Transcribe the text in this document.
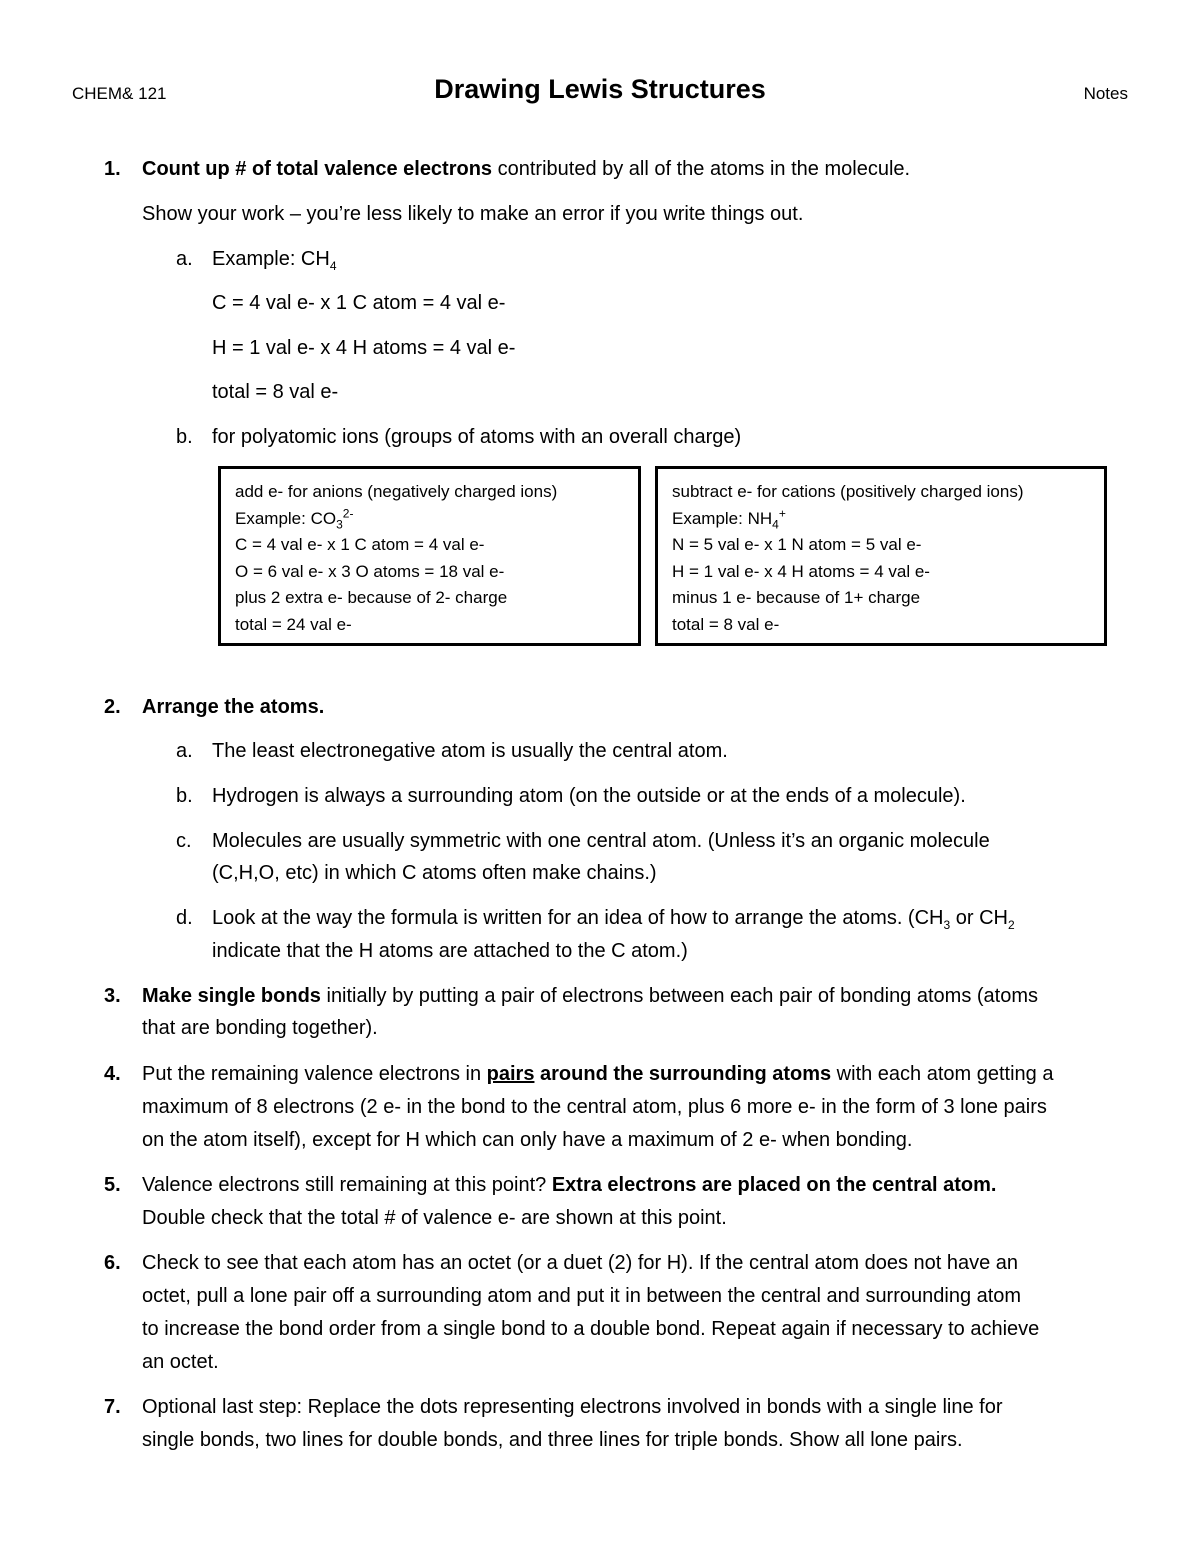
CHEM& 121	Drawing Lewis Structures	Notes
1. Count up # of total valence electrons contributed by all of the atoms in the molecule.
Show your work – you’re less likely to make an error if you write things out.
a. Example: $CH_4$
C = 4 val e- x 1 C atom = 4 val e-
H = 1 val e- x 4 H atoms = 4 val e-
total = 8 val e-
b. for polyatomic ions (groups of atoms with an overall charge)
add e- for anions (negatively charged ions)
Example: $CO_3^{2-}$
C = 4 val e- x 1 C atom = 4 val e-
O = 6 val e- x 3 O atoms = 18 val e-
plus 2 extra e- because of 2- charge
total = 24 val e-
subtract e- for cations (positively charged ions)
Example: $NH_4^+$
N = 5 val e- x 1 N atom = 5 val e-
H = 1 val e- x 4 H atoms = 4 val e-
minus 1 e- because of 1+ charge
total = 8 val e-
2. Arrange the atoms.
a. The least electronegative atom is usually the central atom.
b. Hydrogen is always a surrounding atom (on the outside or at the ends of a molecule).
c. Molecules are usually symmetric with one central atom. (Unless it’s an organic molecule
(C,H,O, etc) in which C atoms often make chains.)
d. Look at the way the formula is written for an idea of how to arrange the atoms. ($CH_3$ or $CH_2$
indicate that the H atoms are attached to the C atom.)
3. Make single bonds initially by putting a pair of electrons between each pair of bonding atoms (atoms
that are bonding together).
4. Put the remaining valence electrons in pairs around the surrounding atoms with each atom getting a
maximum of 8 electrons (2 e- in the bond to the central atom, plus 6 more e- in the form of 3 lone pairs
on the atom itself), except for H which can only have a maximum of 2 e- when bonding.
5. Valence electrons still remaining at this point? Extra electrons are placed on the central atom.
Double check that the total # of valence e- are shown at this point.
6. Check to see that each atom has an octet (or a duet (2) for H). If the central atom does not have an
octet, pull a lone pair off a surrounding atom and put it in between the central and surrounding atom
to increase the bond order from a single bond to a double bond. Repeat again if necessary to achieve
an octet.
7. Optional last step: Replace the dots representing electrons involved in bonds with a single line for
single bonds, two lines for double bonds, and three lines for triple bonds. Show all lone pairs.
